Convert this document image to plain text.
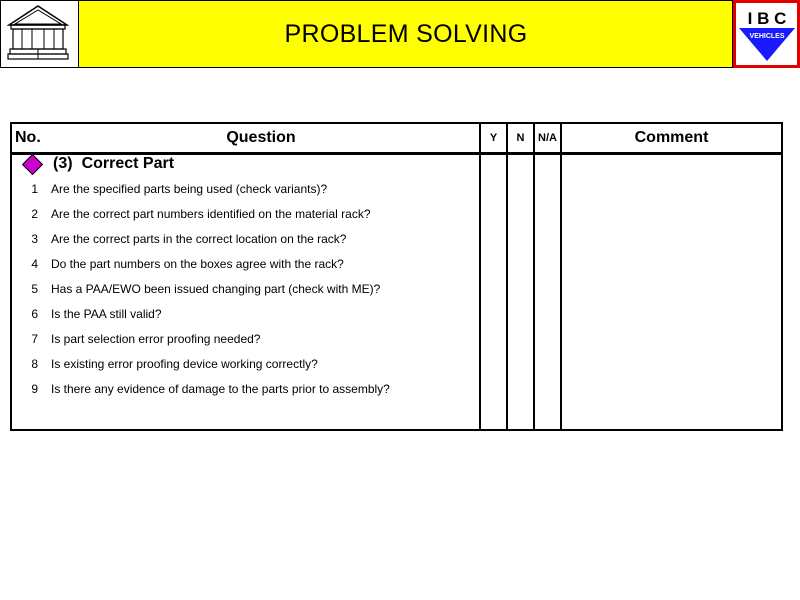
PROBLEM SOLVING
I B C
VEHICLES
No.	Question	Y	N	N/A	Comment

(3) Correct Part					

1	Are the specified parts being used (check variants)?				
2	Are the correct part numbers identified on the material rack?				
3	Are the correct parts in the correct location on the rack?				
4	Do the part numbers on the boxes agree with the rack?				
5	Has a PAA/EWO been issued changing part (check with ME)?				
6	Is the PAA still valid?				
7	Is part selection error proofing needed?				
8	Is existing error proofing device working correctly?				
9	Is there any evidence of damage to the parts prior to assembly?				
